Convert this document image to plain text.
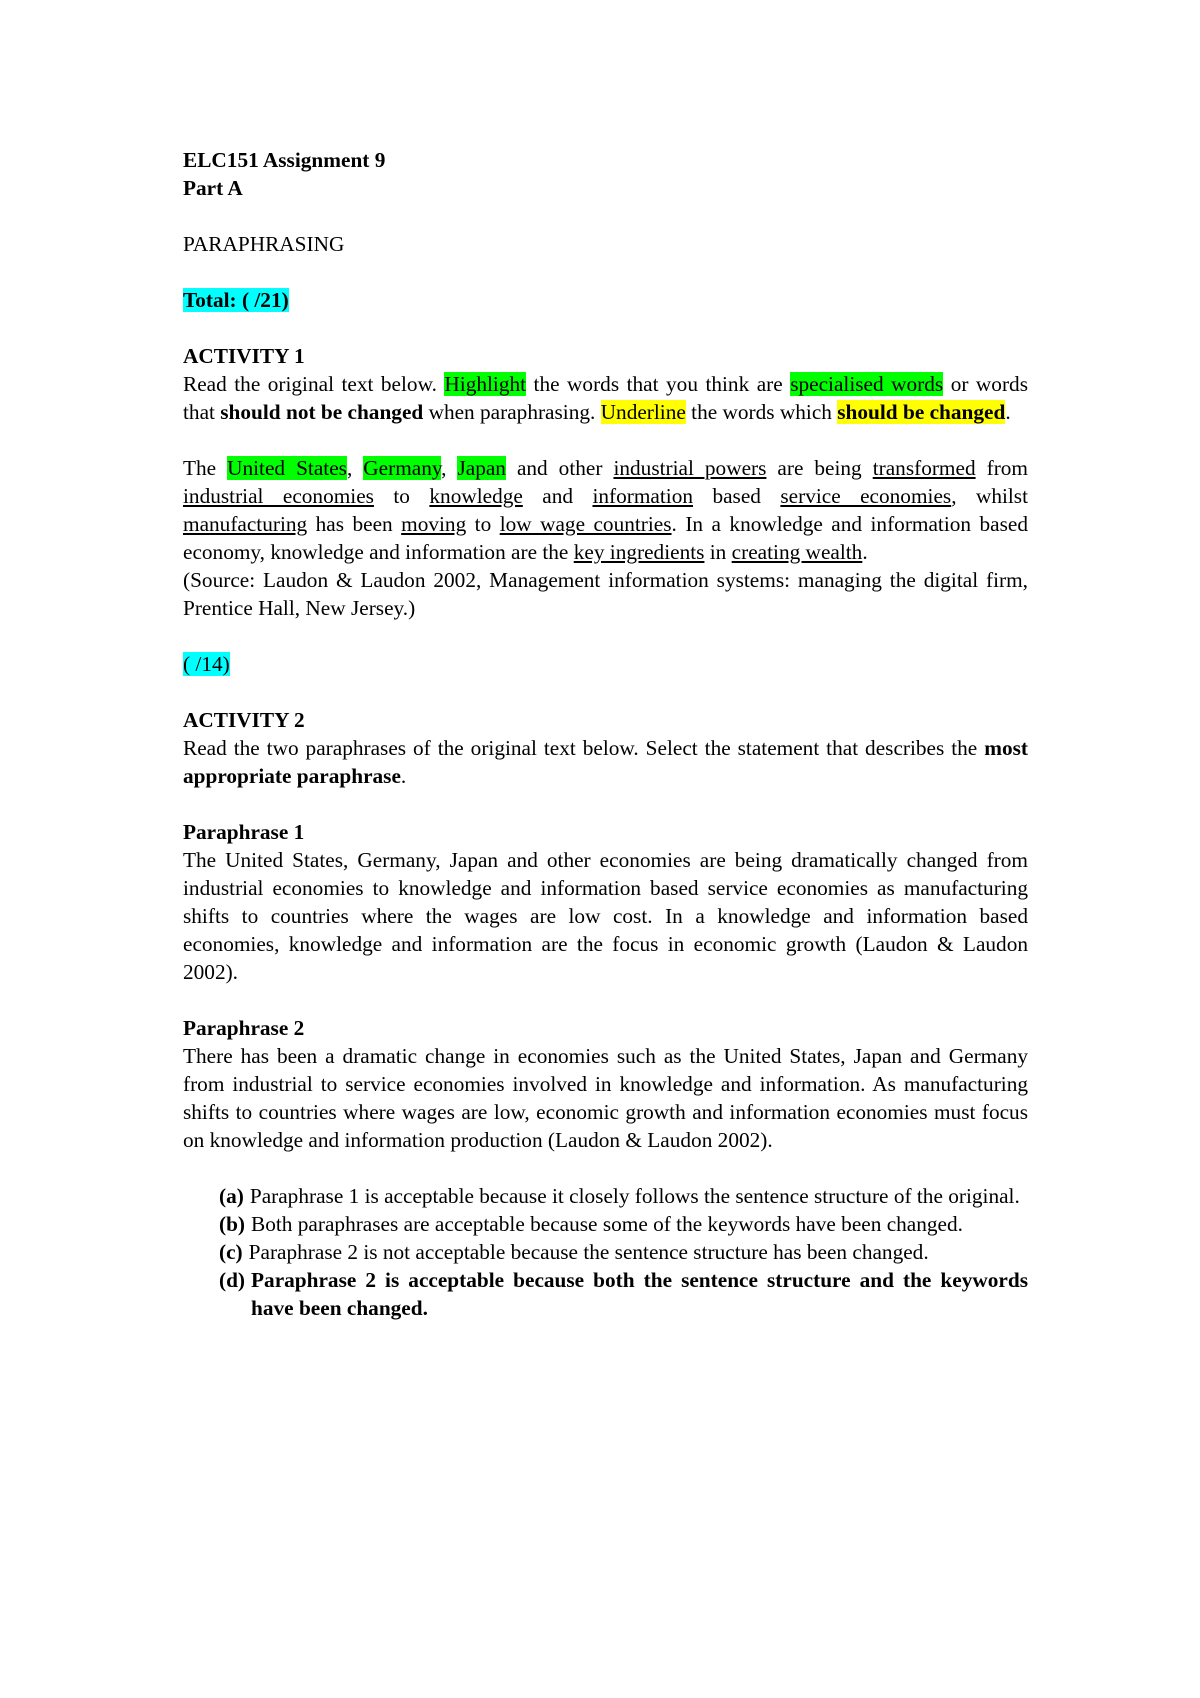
ELC151 Assignment 9
Part A
PARAPHRASING
Total: ( /21)
ACTIVITY 1
Read the original text below. Highlight the words that you think are specialised words or words that should not be changed when paraphrasing. Underline the words which should be changed.
The United States, Germany, Japan and other industrial powers are being transformed from industrial economies to knowledge and information based service economies, whilst manufacturing has been moving to low wage countries. In a knowledge and information based economy, knowledge and information are the key ingredients in creating wealth.
(Source: Laudon & Laudon 2002, Management information systems: managing the digital firm, Prentice Hall, New Jersey.)
( /14)
ACTIVITY 2
Read the two paraphrases of the original text below. Select the statement that describes the most appropriate paraphrase.
Paraphrase 1
The United States, Germany, Japan and other economies are being dramatically changed from industrial economies to knowledge and information based service economies as manufacturing shifts to countries where the wages are low cost. In a knowledge and information based economies, knowledge and information are the focus in economic growth (Laudon & Laudon 2002).
Paraphrase 2
There has been a dramatic change in economies such as the United States, Japan and Germany from industrial to service economies involved in knowledge and information. As manufacturing shifts to countries where wages are low, economic growth and information economies must focus on knowledge and information production (Laudon & Laudon 2002).
(a) Paraphrase 1 is acceptable because it closely follows the sentence structure of the original.
(b) Both paraphrases are acceptable because some of the keywords have been changed.
(c) Paraphrase 2 is not acceptable because the sentence structure has been changed.
(d) Paraphrase 2 is acceptable because both the sentence structure and the keywords have been changed.
